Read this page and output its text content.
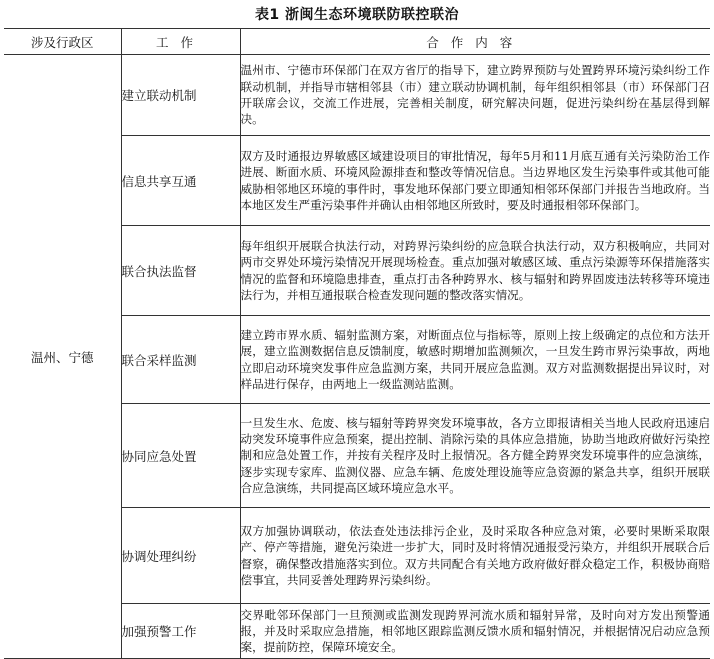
表1 浙闽生态环境联防联控联治
涉及行政区	工作	合作内容
温州、宁德	建立联动机制	温州市、宁德市环保部门在双方省厅的指导下，建立跨界预防与处置跨界环境污染纠纷工作联动机制，并指导市辖相邻县（市）建立联动协调机制，每年组织相邻县（市）环保部门召开联席会议，交流工作进展，完善相关制度，研究解决问题，促进污染纠纷在基层得到解决。
	信息共享互通	双方及时通报边界敏感区域建设项目的审批情况，每年5月和11月底互通有关污染防治工作进展、断面水质、环境风险源排查和整改等情况信息。当边界地区发生污染事件或其他可能威胁相邻地区环境的事件时，事发地环保部门要立即通知相邻环保部门并报告当地政府。当本地区发生严重污染事件并确认由相邻地区所致时，要及时通报相邻环保部门。
	联合执法监督	每年组织开展联合执法行动，对跨界污染纠纷的应急联合执法行动，双方积极响应，共同对两市交界处环境污染情况开展现场检查。重点加强对敏感区域、重点污染源等环保措施落实情况的监督和环境隐患排查，重点打击各种跨界水、核与辐射和跨界固废违法转移等环境违法行为，并相互通报联合检查发现问题的整改落实情况。
	联合采样监测	建立跨市界水质、辐射监测方案，对断面点位与指标等，原则上按上级确定的点位和方法开展，建立监测数据信息反馈制度，敏感时期增加监测频次，一旦发生跨市界污染事故，两地立即启动环境突发事件应急监测方案，共同开展应急监测。双方对监测数据提出异议时，对样品进行保存，由两地上一级监测站监测。
	协同应急处置	一旦发生水、危废、核与辐射等跨界突发环境事故，各方立即报请相关当地人民政府迅速启动突发环境事件应急预案，提出控制、消除污染的具体应急措施，协助当地政府做好污染控制和应急处置工作，并按有关程序及时上报情况。各方健全跨界突发环境事件的应急演练，逐步实现专家库、监测仪器、应急车辆、危废处理设施等应急资源的紧急共享，组织开展联合应急演练，共同提高区域环境应急水平。
	协调处理纠纷	双方加强协调联动，依法查处违法排污企业，及时采取各种应急对策，必要时果断采取限产、停产等措施，避免污染进一步扩大，同时及时将情况通报受污染方，并组织开展联合后督察，确保整改措施落实到位。双方共同配合有关地方政府做好群众稳定工作，积极协商赔偿事宜，共同妥善处理跨界污染纠纷。
	加强预警工作	交界毗邻环保部门一旦预测或监测发现跨界河流水质和辐射异常，及时向对方发出预警通报，并及时采取应急措施，相邻地区跟踪监测反馈水质和辐射情况，并根据情况启动应急预案，提前防控，保障环境安全。
